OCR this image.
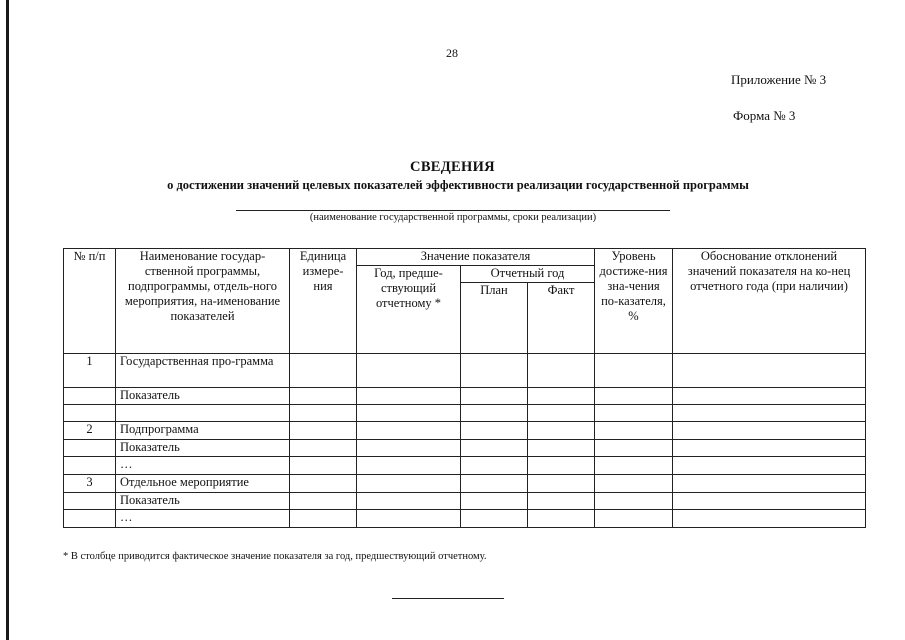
28
Приложение № 3
Форма № 3
СВЕДЕНИЯ
о достижении значений целевых показателей эффективности реализации государственной программы
(наименование государственной программы, сроки реализации)
№ п/п	Наименование государ-ственной программы, подпрограммы, отдель-ного мероприятия, на-именование показателей	Единица измере-ния	Значение показателя			Уровень достиже-ния зна-чения по-казателя, %	Обоснование отклонений значений показателя на ко-нец отчетного года (при наличии)
			Год, предше-ствующий отчетному *	Отчетный год			
				План	Факт		
1	Государственная про-грамма						
	Показатель						

2	Подпрограмма						
	Показатель						
	…						
3	Отдельное мероприятие						
	Показатель						
	…						
* В столбце приводится фактическое значение показателя за год, предшествующий отчетному.
